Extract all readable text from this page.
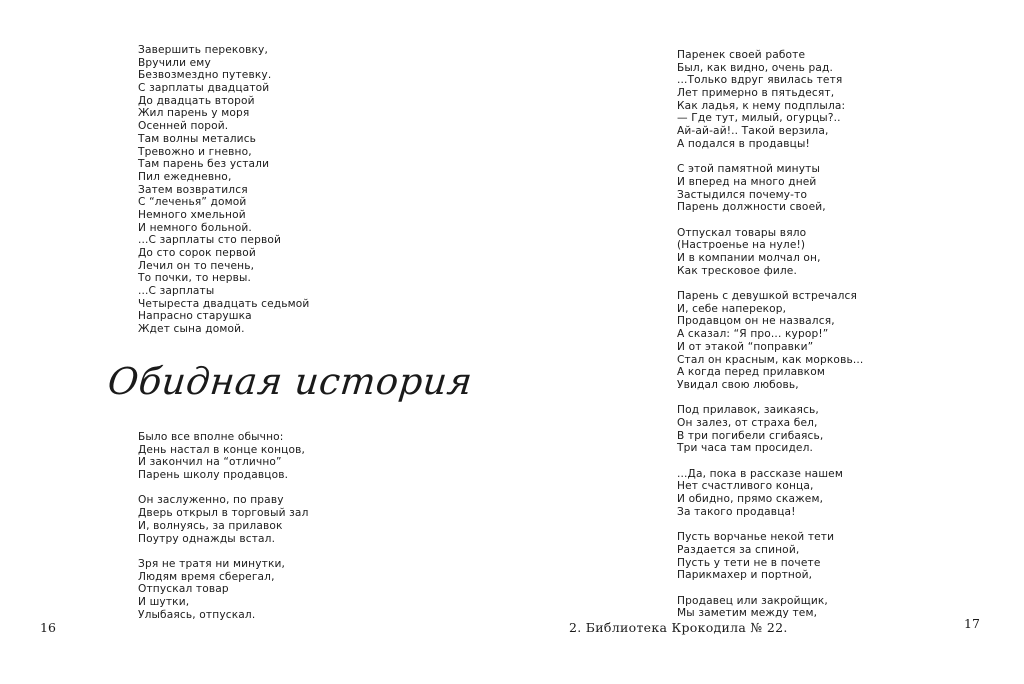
Завершить перековку,
Вручили ему
Безвозмездно путевку.
С зарплаты двадцатой
До двадцать второй
Жил парень у моря
Осенней порой.
Там волны метались
Тревожно и гневно,
Там парень без устали
Пил ежедневно,
Затем возвратился
С “леченья” домой
Немного хмельной
И немного больной.
...С зарплаты сто первой
До сто сорок первой
Лечил он то печень,
То почки, то нервы.
...С зарплаты
Четыреста двадцать седьмой
Напрасно старушка
Ждет сына домой.
Обидная история
Было все вполне обычно:
День настал в конце концов,
И закончил на “отлично”
Парень школу продавцов.
Он заслуженно, по праву
Дверь открыл в торговый зал
И, волнуясь, за прилавок
Поутру однажды встал.
Зря не тратя ни минутки,
Людям время сберегал,
Отпускал товар
И шутки,
Улыбаясь, отпускал.
Паренек своей работе
Был, как видно, очень рад.
...Только вдруг явилась тетя
Лет примерно в пятьдесят,
Как ладья, к нему подплыла:
— Где тут, милый, огурцы?..
Ай-ай-ай!.. Такой верзила,
А подался в продавцы!
С этой памятной минуты
И вперед на много дней
Застыдился почему-то
Парень должности своей,
Отпускал товары вяло
(Настроенье на нуле!)
И в компании молчал он,
Как тресковое филе.
Парень с девушкой встречался
И, себе наперекор,
Продавцом он не назвался,
А сказал: “Я про... курор!”
И от этакой “поправки”
Стал он красным, как морковь...
А когда перед прилавком
Увидал свою любовь,
Под прилавок, заикаясь,
Он залез, от страха бел,
В три погибели сгибаясь,
Три часа там просидел.
...Да, пока в рассказе нашем
Нет счастливого конца,
И обидно, прямо скажем,
За такого продавца!
Пусть ворчанье некой тети
Раздается за спиной,
Пусть у тети не в почете
Парикмахер и портной,
Продавец или закройщик,
Мы заметим между тем,
16	2. Библиотека Крокодила № 22.	17
